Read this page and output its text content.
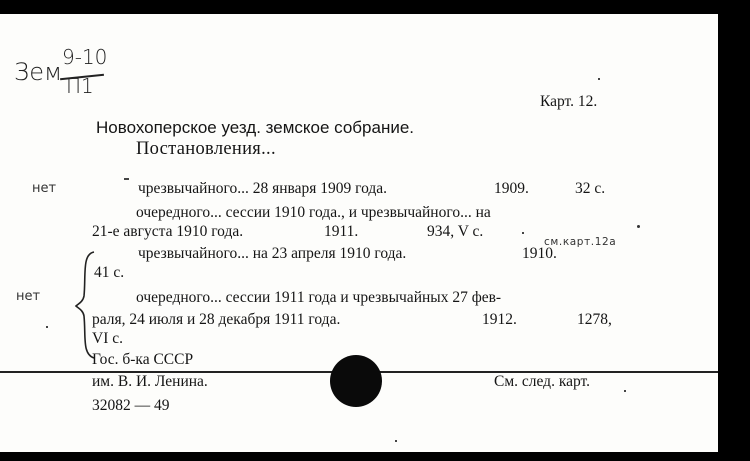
Зем
9-10
П1
Карт. 12.
Новохоперское уезд. земское собрание.
Постановления...
нет
нет
см.карт.12а
чрезвычайного... 28 января 1909 года.	1909.	32 с.
очередного... сессии 1910 года., и чрезвычайного... на
21-е августа 1910 года.	1911.	934, V с.
чрезвычайного... на 23 апреля 1910 года.	1910.
41 с.
очередного... сессии 1911 года и чрезвычайных 27 фев-
раля, 24 июля и 28 декабря 1911 года.	1912.	1278,
VI с.
Гос. б-ка СССР
им. В. И. Ленина.
32082 — 49
См. след. карт.
